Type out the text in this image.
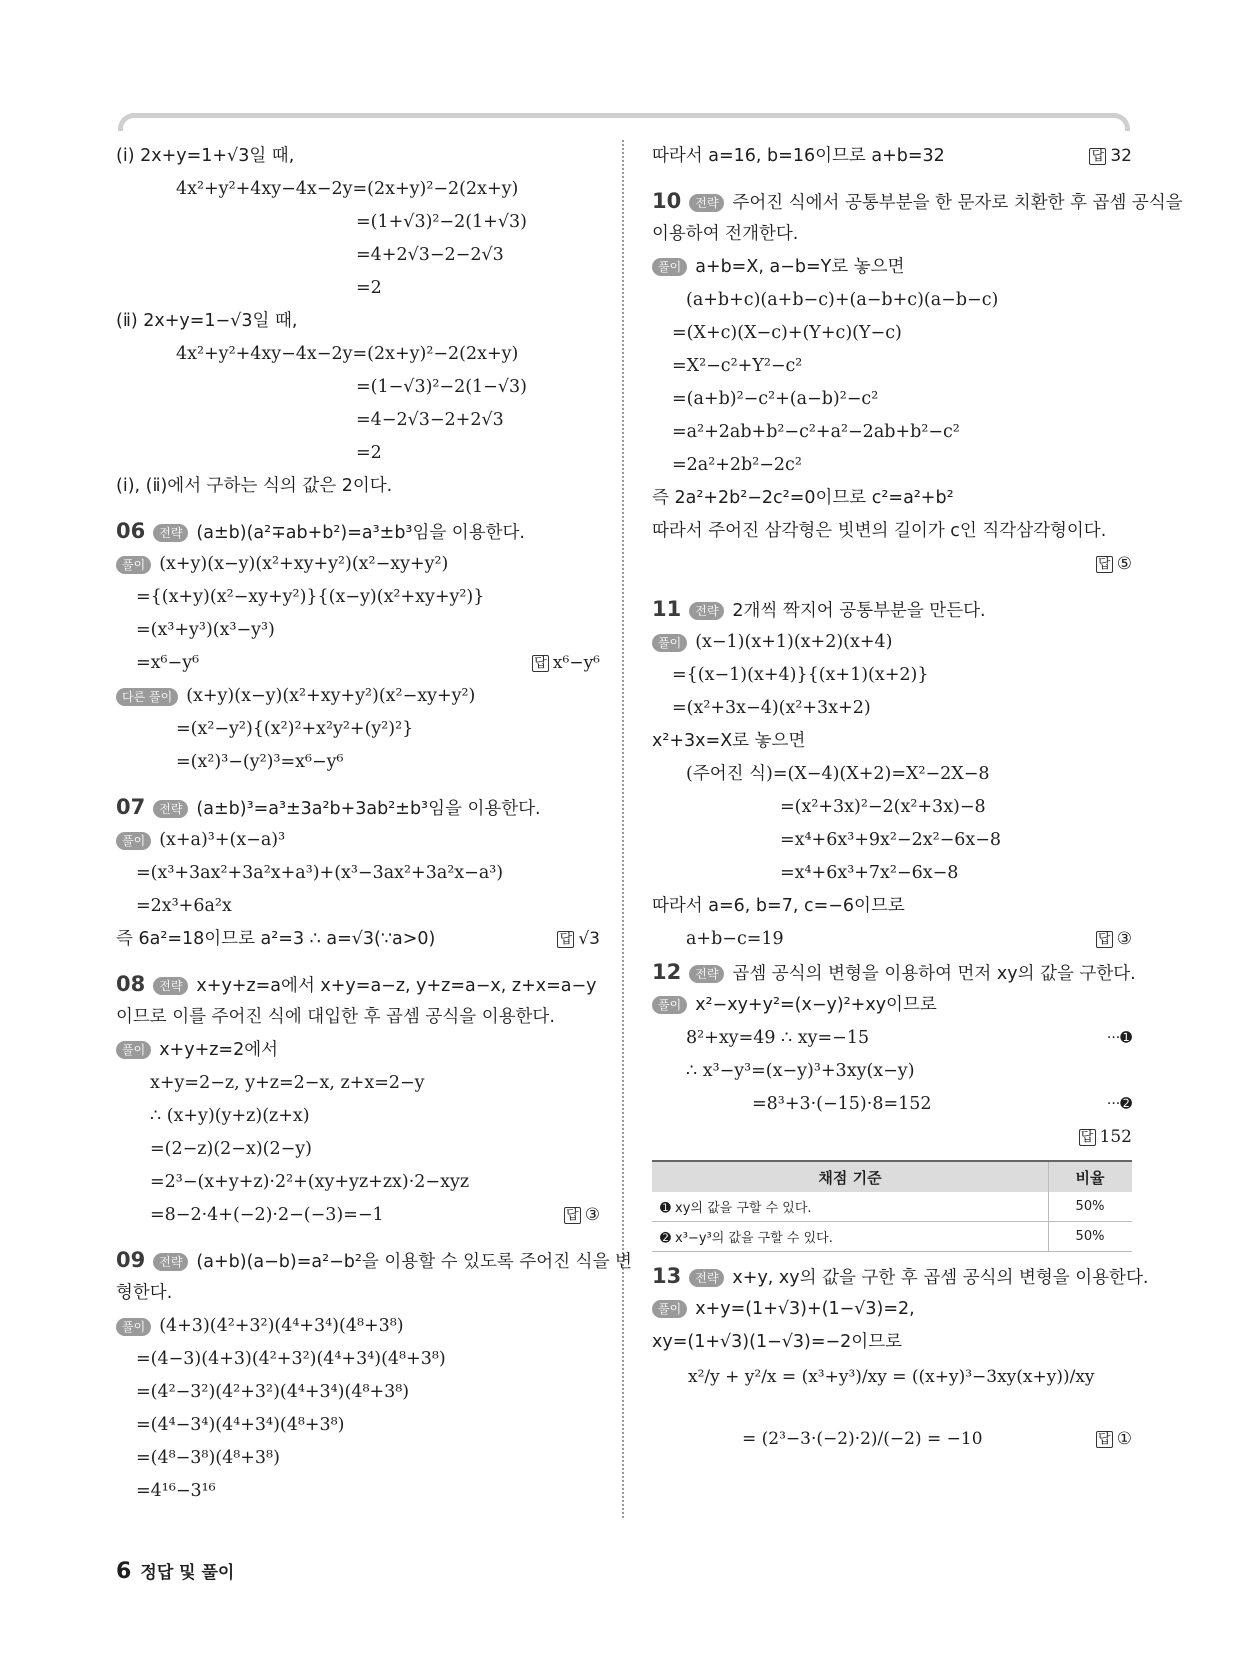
(ⅰ) 2x+y=1+√3일 때,
4x²+y²+4xy−4x−2y=(2x+y)²−2(2x+y)
=(1+√3)²−2(1+√3)
=4+2√3−2−2√3
=2
(ⅱ) 2x+y=1−√3일 때,
4x²+y²+4xy−4x−2y=(2x+y)²−2(2x+y)
=(1−√3)²−2(1−√3)
=4−2√3−2+2√3
=2
(ⅰ), (ⅱ)에서 구하는 식의 값은 2이다.
06 전략 (a±b)(a²∓ab+b²)=a³±b³임을 이용한다.
풀이 (x+y)(x−y)(x²+xy+y²)(x²−xy+y²)
={(x+y)(x²−xy+y²)}{(x−y)(x²+xy+y²)}
=(x³+y³)(x³−y³)
=x⁶−y⁶	답 x⁶−y⁶
다른 풀이 (x+y)(x−y)(x²+xy+y²)(x²−xy+y²)
=(x²−y²){(x²)²+x²y²+(y²)²}
=(x²)³−(y²)³=x⁶−y⁶
07 전략 (a±b)³=a³±3a²b+3ab²±b³임을 이용한다.
풀이 (x+a)³+(x−a)³
=(x³+3ax²+3a²x+a³)+(x³−3ax²+3a²x−a³)
=2x³+6a²x
즉 6a²=18이므로 a²=3 ∴ a=√3(∵a>0)	답 √3
08 전략 x+y+z=a에서 x+y=a−z, y+z=a−x, z+x=a−y
이므로 이를 주어진 식에 대입한 후 곱셈 공식을 이용한다.
풀이 x+y+z=2에서
x+y=2−z, y+z=2−x, z+x=2−y
∴ (x+y)(y+z)(z+x)
=(2−z)(2−x)(2−y)
=2³−(x+y+z)·2²+(xy+yz+zx)·2−xyz
=8−2·4+(−2)·2−(−3)=−1	답 ③
09 전략 (a+b)(a−b)=a²−b²을 이용할 수 있도록 주어진 식을 변
형한다.
풀이 (4+3)(4²+3²)(4⁴+3⁴)(4⁸+3⁸)
=(4−3)(4+3)(4²+3²)(4⁴+3⁴)(4⁸+3⁸)
=(4²−3²)(4²+3²)(4⁴+3⁴)(4⁸+3⁸)
=(4⁴−3⁴)(4⁴+3⁴)(4⁸+3⁸)
=(4⁸−3⁸)(4⁸+3⁸)
=4¹⁶−3¹⁶
따라서 a=16, b=16이므로 a+b=32	답 32
10 전략 주어진 식에서 공통부분을 한 문자로 치환한 후 곱셈 공식을
이용하여 전개한다.
풀이 a+b=X, a−b=Y로 놓으면
(a+b+c)(a+b−c)+(a−b+c)(a−b−c)
=(X+c)(X−c)+(Y+c)(Y−c)
=X²−c²+Y²−c²
=(a+b)²−c²+(a−b)²−c²
=a²+2ab+b²−c²+a²−2ab+b²−c²
=2a²+2b²−2c²
즉 2a²+2b²−2c²=0이므로 c²=a²+b²
따라서 주어진 삼각형은 빗변의 길이가 c인 직각삼각형이다.
답 ⑤
11 전략 2개씩 짝지어 공통부분을 만든다.
풀이 (x−1)(x+1)(x+2)(x+4)
={(x−1)(x+4)}{(x+1)(x+2)}
=(x²+3x−4)(x²+3x+2)
x²+3x=X로 놓으면
(주어진 식)=(X−4)(X+2)=X²−2X−8
=(x²+3x)²−2(x²+3x)−8
=x⁴+6x³+9x²−2x²−6x−8
=x⁴+6x³+7x²−6x−8
따라서 a=6, b=7, c=−6이므로
a+b−c=19	답 ③
12 전략 곱셈 공식의 변형을 이용하여 먼저 xy의 값을 구한다.
풀이 x²−xy+y²=(x−y)²+xy이므로
8²+xy=49 ∴ xy=−15	···➊
∴ x³−y³=(x−y)³+3xy(x−y)
=8³+3·(−15)·8=152	···➋
답 152
채점 기준	비율
➊ xy의 값을 구할 수 있다.	50%
➋ x³−y³의 값을 구할 수 있다.	50%
13 전략 x+y, xy의 값을 구한 후 곱셈 공식의 변형을 이용한다.
풀이 x+y=(1+√3)+(1−√3)=2,
xy=(1+√3)(1−√3)=−2이므로
x²/y + y²/x = (x³+y³)/xy = ((x+y)³−3xy(x+y))/xy
= (2³−3·(−2)·2)/(−2) = −10	답 ①
6 정답 및 풀이
